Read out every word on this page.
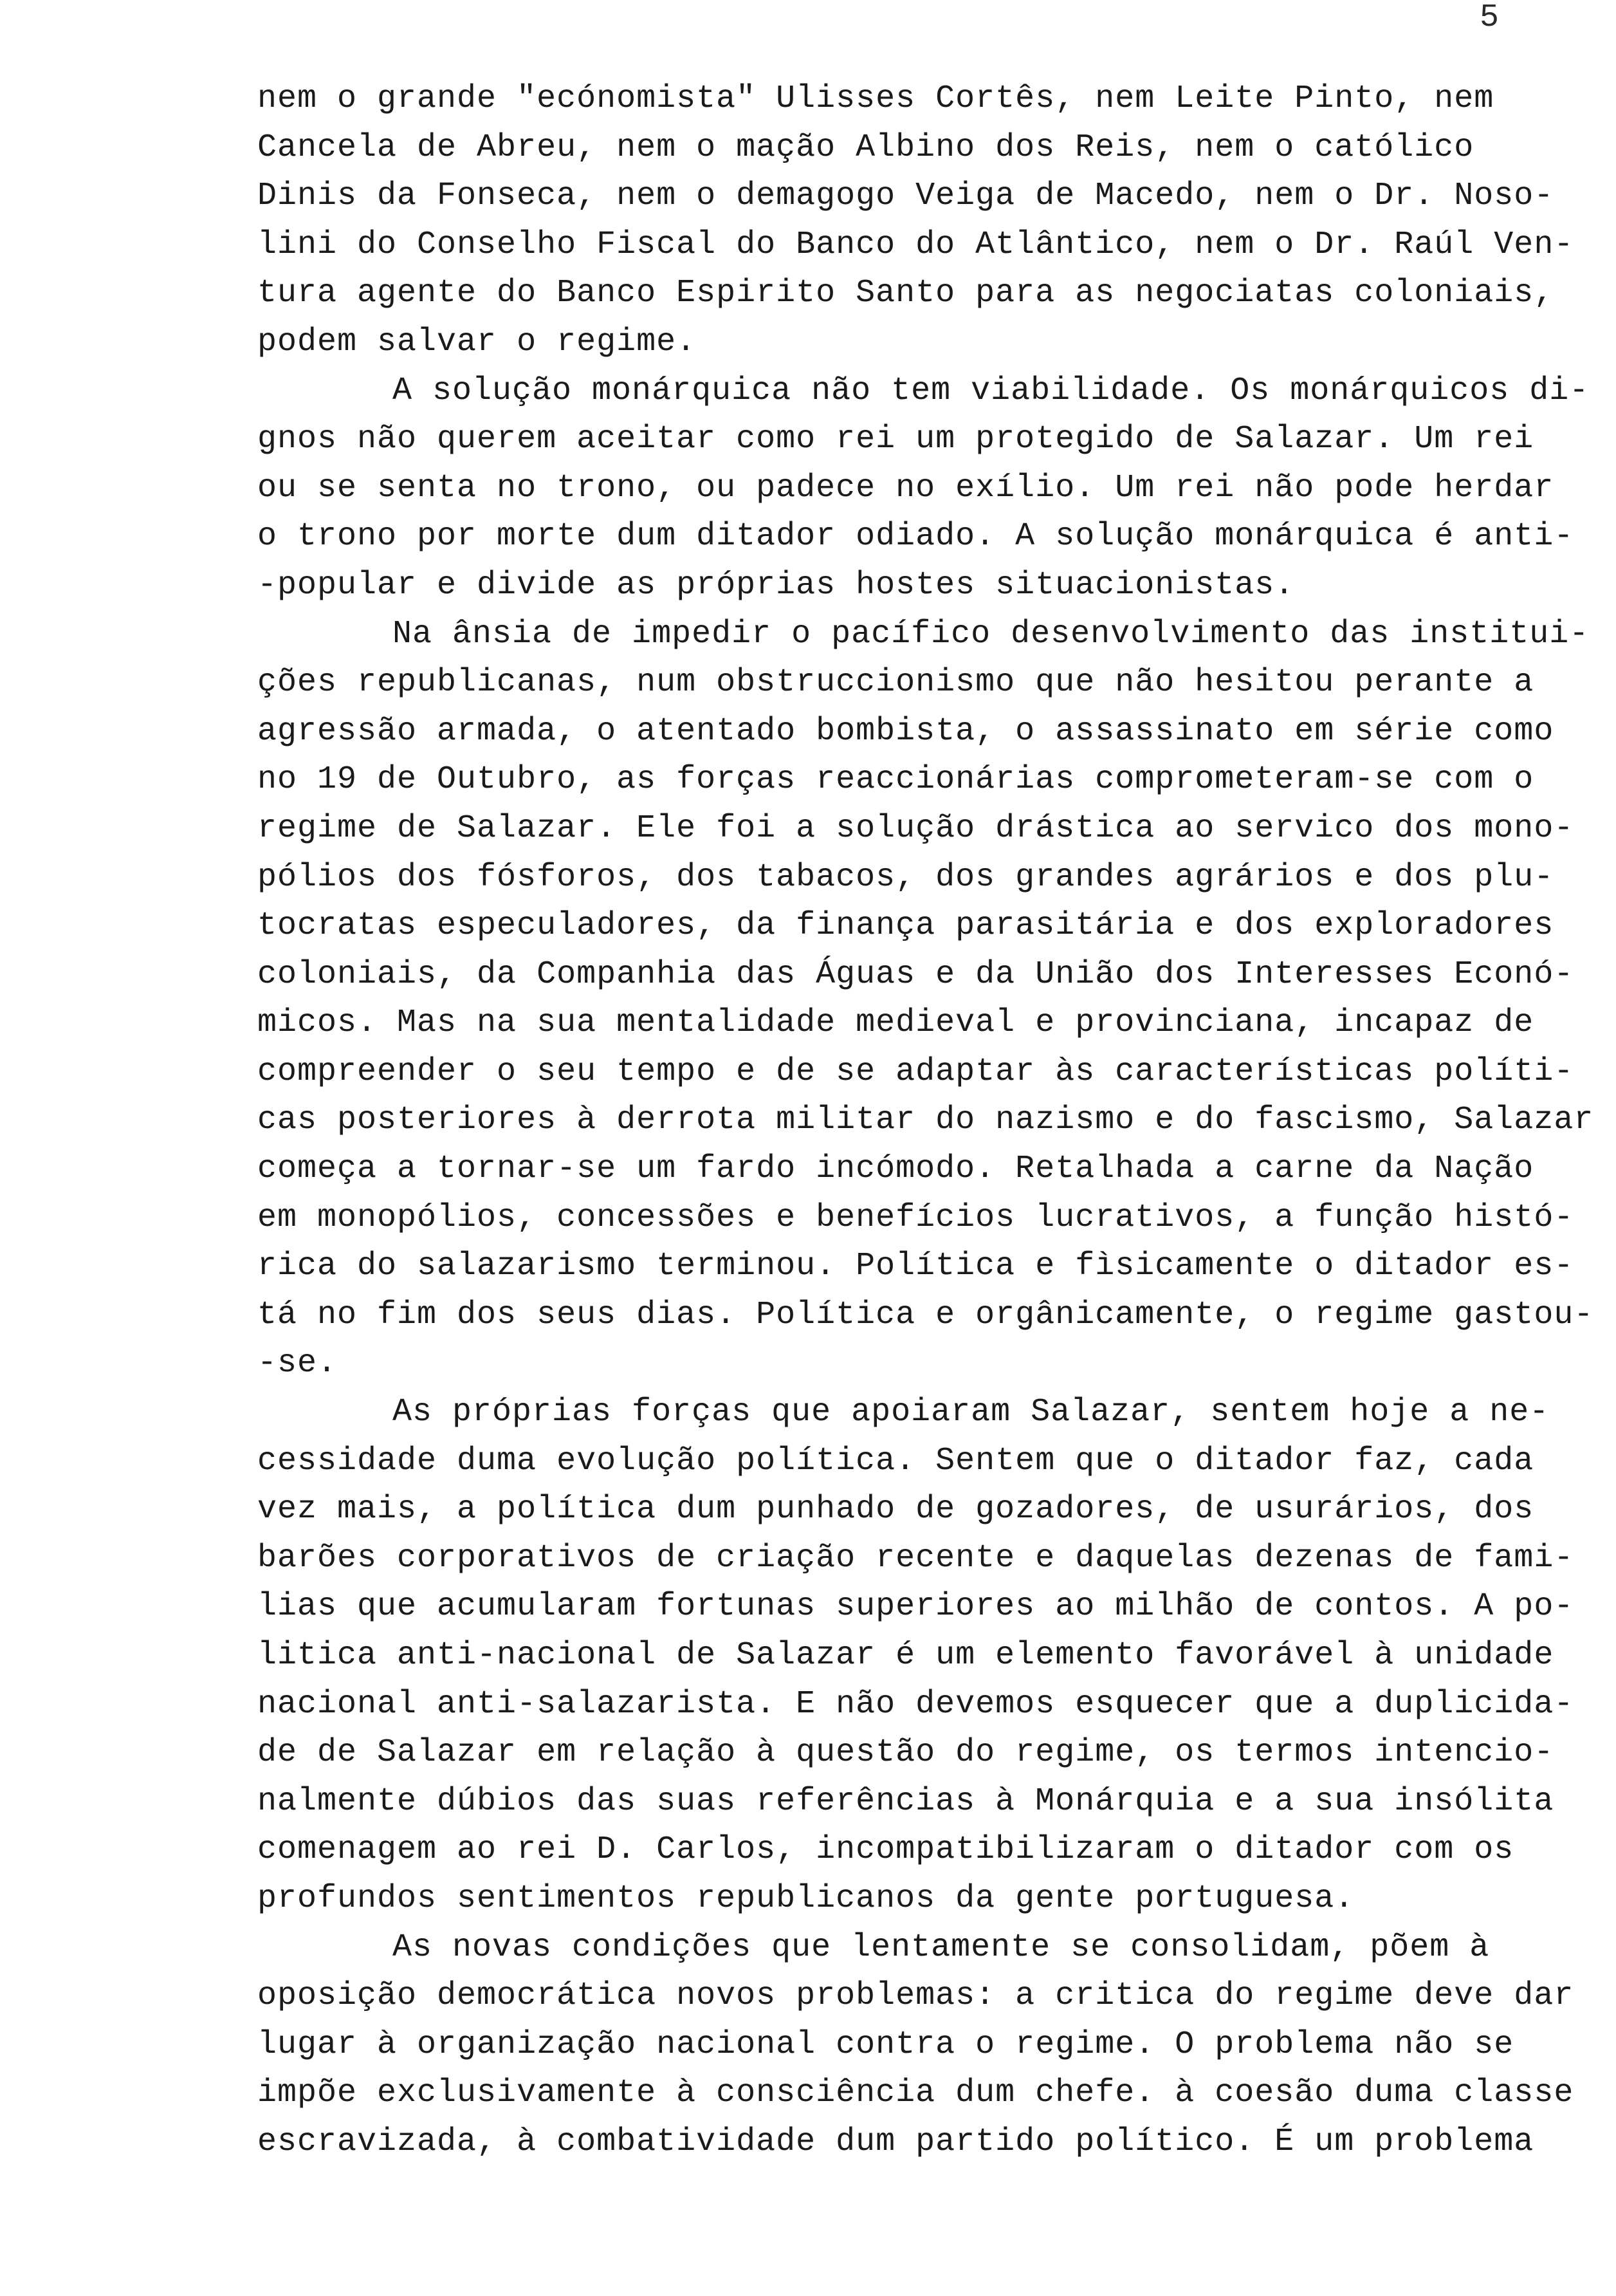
5
nem o grande "ecónomista" Ulisses Cortês, nem Leite Pinto, nem
Cancela de Abreu, nem o mação Albino dos Reis, nem o católico
Dinis da Fonseca, nem o demagogo Veiga de Macedo, nem o Dr. Noso-
lini do Conselho Fiscal do Banco do Atlântico, nem o Dr. Raúl Ven-
tura agente do Banco Espirito Santo para as negociatas coloniais,
podem salvar o regime.
A solução monárquica não tem viabilidade. Os monárquicos di-
gnos não querem aceitar como rei um protegido de Salazar. Um rei
ou se senta no trono, ou padece no exílio. Um rei não pode herdar
o trono por morte dum ditador odiado. A solução monárquica é anti-
-popular e divide as próprias hostes situacionistas.
Na ânsia de impedir o pacífico desenvolvimento das institui-
ções republicanas, num obstruccionismo que não hesitou perante a
agressão armada, o atentado bombista, o assassinato em série como
no 19 de Outubro, as forças reaccionárias comprometeram-se com o
regime de Salazar. Ele foi a solução drástica ao servico dos mono-
pólios dos fósforos, dos tabacos, dos grandes agrários e dos plu-
tocratas especuladores, da finança parasitária e dos exploradores
coloniais, da Companhia das Águas e da União dos Interesses Econó-
micos. Mas na sua mentalidade medieval e provinciana, incapaz de
compreender o seu tempo e de se adaptar às características políti-
cas posteriores à derrota militar do nazismo e do fascismo, Salazar
começa a tornar-se um fardo incómodo. Retalhada a carne da Nação
em monopólios, concessões e benefícios lucrativos, a função histó-
rica do salazarismo terminou. Política e fìsicamente o ditador es-
tá no fim dos seus dias. Política e orgânicamente, o regime gastou-
-se.
As próprias forças que apoiaram Salazar, sentem hoje a ne-
cessidade duma evolução política. Sentem que o ditador faz, cada
vez mais, a política dum punhado de gozadores, de usurários, dos
barões corporativos de criação recente e daquelas dezenas de fami-
lias que acumularam fortunas superiores ao milhão de contos. A po-
litica anti-nacional de Salazar é um elemento favorável à unidade
nacional anti-salazarista. E não devemos esquecer que a duplicida-
de de Salazar em relação à questão do regime, os termos intencio-
nalmente dúbios das suas referências à Monárquia e a sua insólita
comenagem ao rei D. Carlos, incompatibilizaram o ditador com os
profundos sentimentos republicanos da gente portuguesa.
As novas condições que lentamente se consolidam, põem à
oposição democrática novos problemas: a critica do regime deve dar
lugar à organização nacional contra o regime. O problema não se
impõe exclusivamente à consciência dum chefe. à coesão duma classe
escravizada, à combatividade dum partido político. É um problema
